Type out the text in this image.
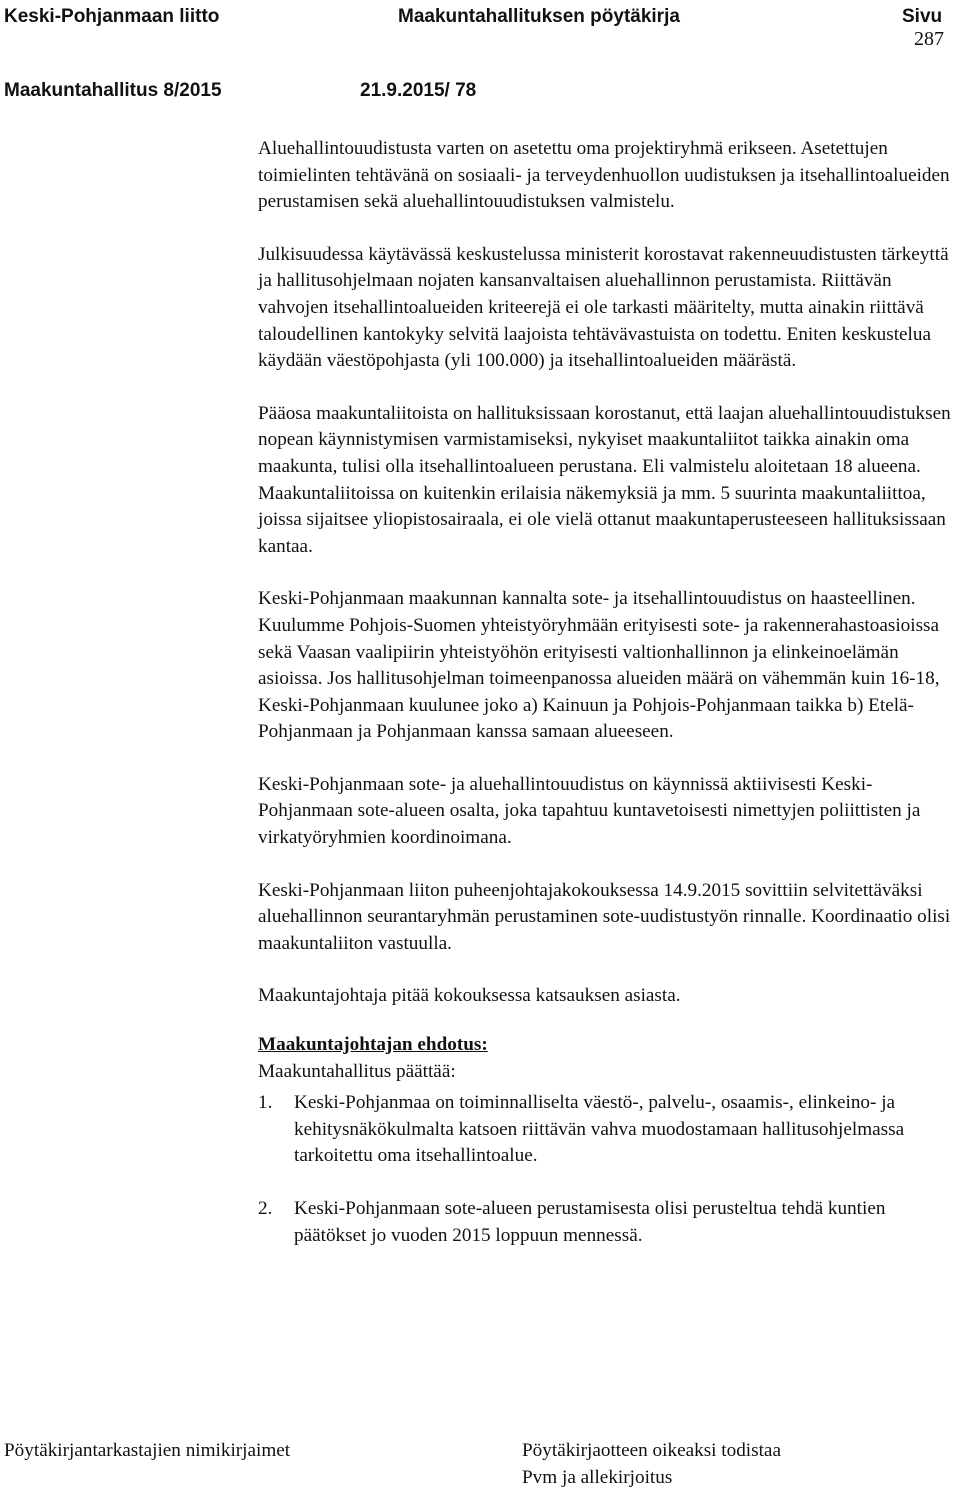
Keski-Pohjanmaan liitto	Maakuntahallituksen pöytäkirja	Sivu
287
Maakuntahallitus 8/2015	21.9.2015/ 78

Aluehallintouudistusta varten on asetettu oma projektiryhmä erikseen. Asetettujen toimielinten tehtävänä on sosiaali- ja terveydenhuollon uudistuksen ja itsehallintoalueiden perustamisen sekä aluehallintouudistuksen valmistelu.

Julkisuudessa käytävässä keskustelussa ministerit korostavat rakenneuudistusten tärkeyttä ja hallitusohjelmaan nojaten kansanvaltaisen aluehallinnon perustamista. Riittävän vahvojen itsehallintoalueiden kriteerejä ei ole tarkasti määritelty, mutta ainakin riittävä taloudellinen kantokyky selvitä laajoista tehtävävastuista on todettu. Eniten keskustelua käydään väestöpohjasta (yli 100.000) ja itsehallintoalueiden määrästä.

Pääosa maakuntaliitoista on hallituksissaan korostanut, että laajan aluehallintouudistuksen nopean käynnistymisen varmistamiseksi, nykyiset maakuntaliitot taikka ainakin oma maakunta, tulisi olla itsehallintoalueen perustana. Eli valmistelu aloitetaan 18 alueena. Maakuntaliitoissa on kuitenkin erilaisia näkemyksiä ja mm. 5 suurinta maakuntaliittoa, joissa sijaitsee yliopistosairaala, ei ole vielä ottanut maakuntaperusteeseen hallituksissaan kantaa.

Keski-Pohjanmaan maakunnan kannalta sote- ja itsehallintouudistus on haasteellinen. Kuulumme Pohjois-Suomen yhteistyöryhmään erityisesti sote- ja rakennerahastoasioissa sekä Vaasan vaalipiirin yhteistyöhön erityisesti valtionhallinnon ja elinkeinoelämän asioissa. Jos hallitusohjelman toimeenpanossa alueiden määrä on vähemmän kuin 16-18, Keski-Pohjanmaan kuulunee joko a) Kainuun ja Pohjois-Pohjanmaan taikka b) Etelä-Pohjanmaan ja Pohjanmaan kanssa samaan alueeseen.

Keski-Pohjanmaan sote- ja aluehallintouudistus on käynnissä aktiivisesti Keski-Pohjanmaan sote-alueen osalta, joka tapahtuu kuntavetoisesti nimettyjen poliittisten ja virkatyöryhmien koordinoimana.

Keski-Pohjanmaan liiton puheenjohtajakokouksessa 14.9.2015 sovittiin selvitettäväksi aluehallinnon seurantaryhmän perustaminen sote-uudistustyön rinnalle. Koordinaatio olisi maakuntaliiton vastuulla.

Maakuntajohtaja pitää kokouksessa katsauksen asiasta.

Maakuntajohtajan ehdotus:
Maakuntahallitus päättää:
1.	Keski-Pohjanmaa on toiminnalliselta väestö-, palvelu-, osaamis-, elinkeino- ja kehitysnäkökulmalta katsoen riittävän vahva muodostamaan hallitusohjelmassa tarkoitettu oma itsehallintoalue.
2.	Keski-Pohjanmaan sote-alueen perustamisesta olisi perusteltua tehdä kuntien päätökset jo vuoden 2015 loppuun mennessä.
Pöytäkirjantarkastajien nimikirjaimet	Pöytäkirjaotteen oikeaksi todistaa
Pvm ja allekirjoitus
